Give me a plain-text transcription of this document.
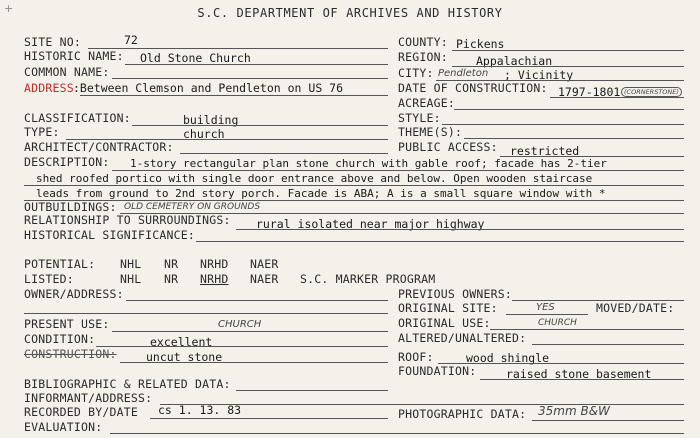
+	S.C. DEPARTMENT OF ARCHIVES AND HISTORY
SITE NO:	72
HISTORIC NAME: Old Stone Church
COMMON NAME:
ADDRESS :Between Clemson and Pendleton on US 76
COUNTY: Pickens
REGION: Appalachian
CITY: Pendleton ; Vicinity
DATE OF CONSTRUCTION: 1797-1801 (CORNERSTONE)
ACREAGE:
CLASSIFICATION:	building
TYPE:	church
ARCHITECT/CONTRACTOR:
STYLE:
THEME(S):
PUBLIC ACCESS: restricted
DESCRIPTION: 1-story rectangular plan stone church with gable roof; facade has 2-tier
shed roofed portico with single door entrance above and below. Open wooden staircase
leads from ground to 2nd story porch. Facade is ABA; A is a small square window with *
OUTBUILDINGS: OLD CEMETERY ON GROUNDS
RELATIONSHIP TO SURROUNDINGS: rural isolated near major highway
HISTORICAL SIGNIFICANCE:
POTENTIAL: NHL NR NRHD NAER
LISTED:	NHL NR NRHD NAER S.C. MARKER PROGRAM
OWNER/ADDRESS:	PREVIOUS OWNERS:
ORIGINAL SITE:	YES	MOVED/DATE:
PRESENT USE:	CHURCH	ORIGINAL USE:	CHURCH
CONDITION:	excellent	ALTERED/UNALTERED:
CONSTRUCTION:	uncut stone	ROOF:	wood shingle
FOUNDATION:	raised stone basement
BIBLIOGRAPHIC & RELATED DATA:
INFORMANT/ADDRESS:
RECORDED BY/DATE cs 1. 13. 83	PHOTOGRAPHIC DATA: 35mm B&W
EVALUATION:
